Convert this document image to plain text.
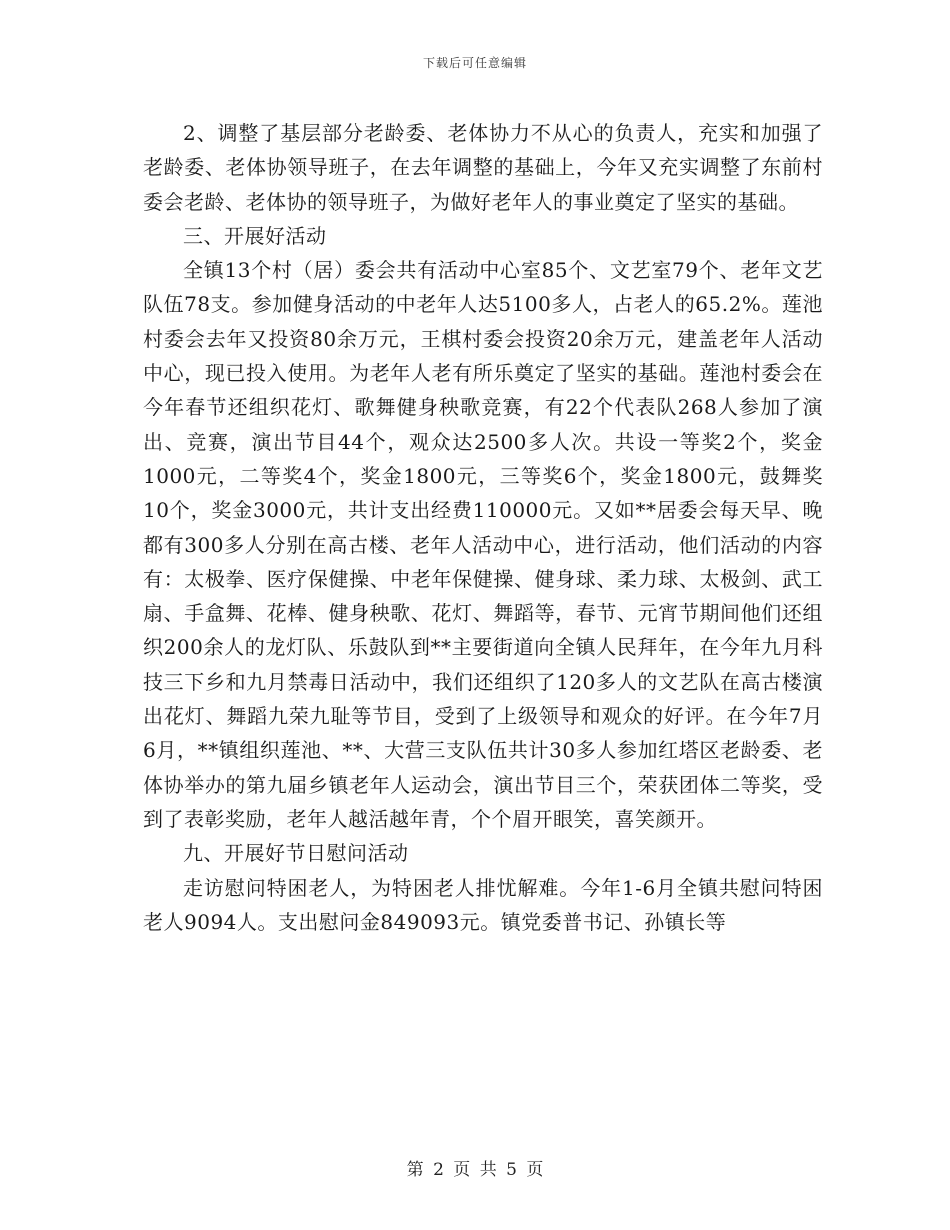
下载后可任意编辑

2、调整了基层部分老龄委、老体协力不从心的负责人，充实和加强了老龄委、老体协领导班子，在去年调整的基础上，今年又充实调整了东前村委会老龄、老体协的领导班子，为做好老年人的事业奠定了坚实的基础。

三、开展好活动

全镇13个村（居）委会共有活动中心室85个、文艺室79个、老年文艺队伍78支。参加健身活动的中老年人达5100多人，占老人的65.2%。莲池村委会去年又投资80余万元，王棋村委会投资20余万元，建盖老年人活动中心，现已投入使用。为老年人老有所乐奠定了坚实的基础。莲池村委会在今年春节还组织花灯、歌舞健身秧歌竞赛，有22个代表队268人参加了演出、竞赛，演出节目44个，观众达2500多人次。共设一等奖2个，奖金1000元，二等奖4个，奖金1800元，三等奖6个，奖金1800元，鼓舞奖10个，奖金3000元，共计支出经费110000元。又如**居委会每天早、晚都有300多人分别在高古楼、老年人活动中心，进行活动，他们活动的内容有：太极拳、医疗保健操、中老年保健操、健身球、柔力球、太极剑、武工扇、手盒舞、花棒、健身秧歌、花灯、舞蹈等，春节、元宵节期间他们还组织200余人的龙灯队、乐鼓队到**主要街道向全镇人民拜年，在今年九月科技三下乡和九月禁毒日活动中，我们还组织了120多人的文艺队在高古楼演出花灯、舞蹈九荣九耻等节目，受到了上级领导和观众的好评。在今年7月6月，**镇组织莲池、**、大营三支队伍共计30多人参加红塔区老龄委、老体协举办的第九届乡镇老年人运动会，演出节目三个，荣获团体二等奖，受到了表彰奖励，老年人越活越年青，个个眉开眼笑，喜笑颜开。

九、开展好节日慰问活动

走访慰问特困老人，为特困老人排忧解难。今年1-6月全镇共慰问特困老人9094人。支出慰问金849093元。镇党委普书记、孙镇长等

第 2 页 共 5 页
